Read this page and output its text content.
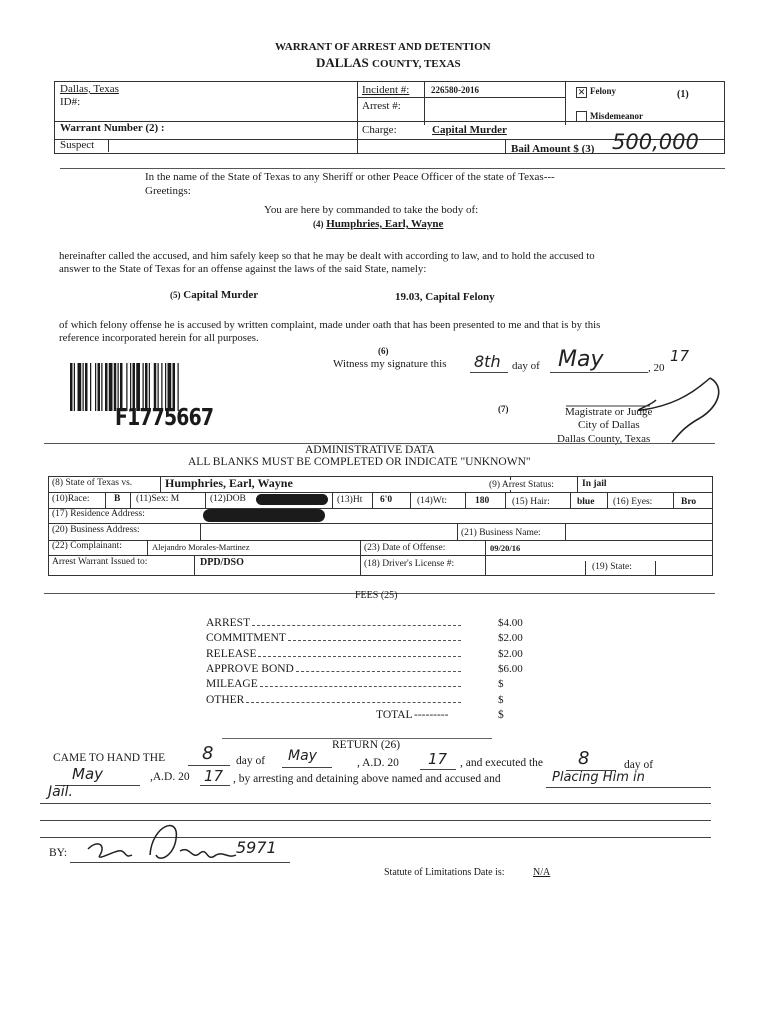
WARRANT OF ARREST AND DETENTION
DALLAS COUNTY, TEXAS
Dallas, Texas
ID#:
Incident #: 226580-2016
Arrest #:
✕ Felony	(1)
Misdemeanor
Warrant Number (2) :	Charge:	Capital Murder
Suspect	Bail Amount $ (3) 500,000
In the name of the State of Texas to any Sheriff or other Peace Officer of the state of Texas---
Greetings:
You are here by commanded to take the body of:
(4) Humphries, Earl, Wayne
hereinafter called the accused, and him safely keep so that he may be dealt with according to law, and to hold the accused to
answer to the State of Texas for an offense against the laws of the said State, namely:
(5) Capital Murder	19.03, Capital Felony
of which felony offense he is accused by written complaint, made under oath that has been presented to me and that is by this
reference incorporated herein for all purposes.
(6)
Witness my signature this 8th day of May	, 20
17
F1775667	(7)	Magistrate or Judge
City of Dallas
Dallas County, Texas
ADMINISTRATIVE DATA
ALL BLANKS MUST BE COMPLETED OR INDICATE "UNKNOWN"
(8) State of Texas vs.	Humphries, Earl, Wayne	(9) Arrest Status:	In jail
(10)Race:	B (11)Sex: M	(12)DOB	(13)Ht 6'0	(14)Wt:	180 (15) Hair:	blue (16) Eyes:	Bro
(17) Residence Address:
(20) Business Address:	(21) Business Name:
(22) Complainant:	Alejandro Morales-Martinez	(23) Date of Offense:	09/20/16
Arrest Warrant Issued to:	DPD/DSO	(18) Driver's License #:	(19) State:
FEES (25)
ARREST	$4.00
COMMITMENT	$2.00
RELEASE	$2.00
APPROVE BOND	$6.00
MILEAGE	$
OTHER	$
TOTAL ---------	$
RETURN (26)
CAME TO HAND THE 8 day of May	, A.D. 20 17 , and executed the 8	day of
May	,A.D. 20 17 , by arresting and detaining above named and accused and	Placing Him in
Jail.
BY:	5971
Statute of Limitations Date is:	N/A
